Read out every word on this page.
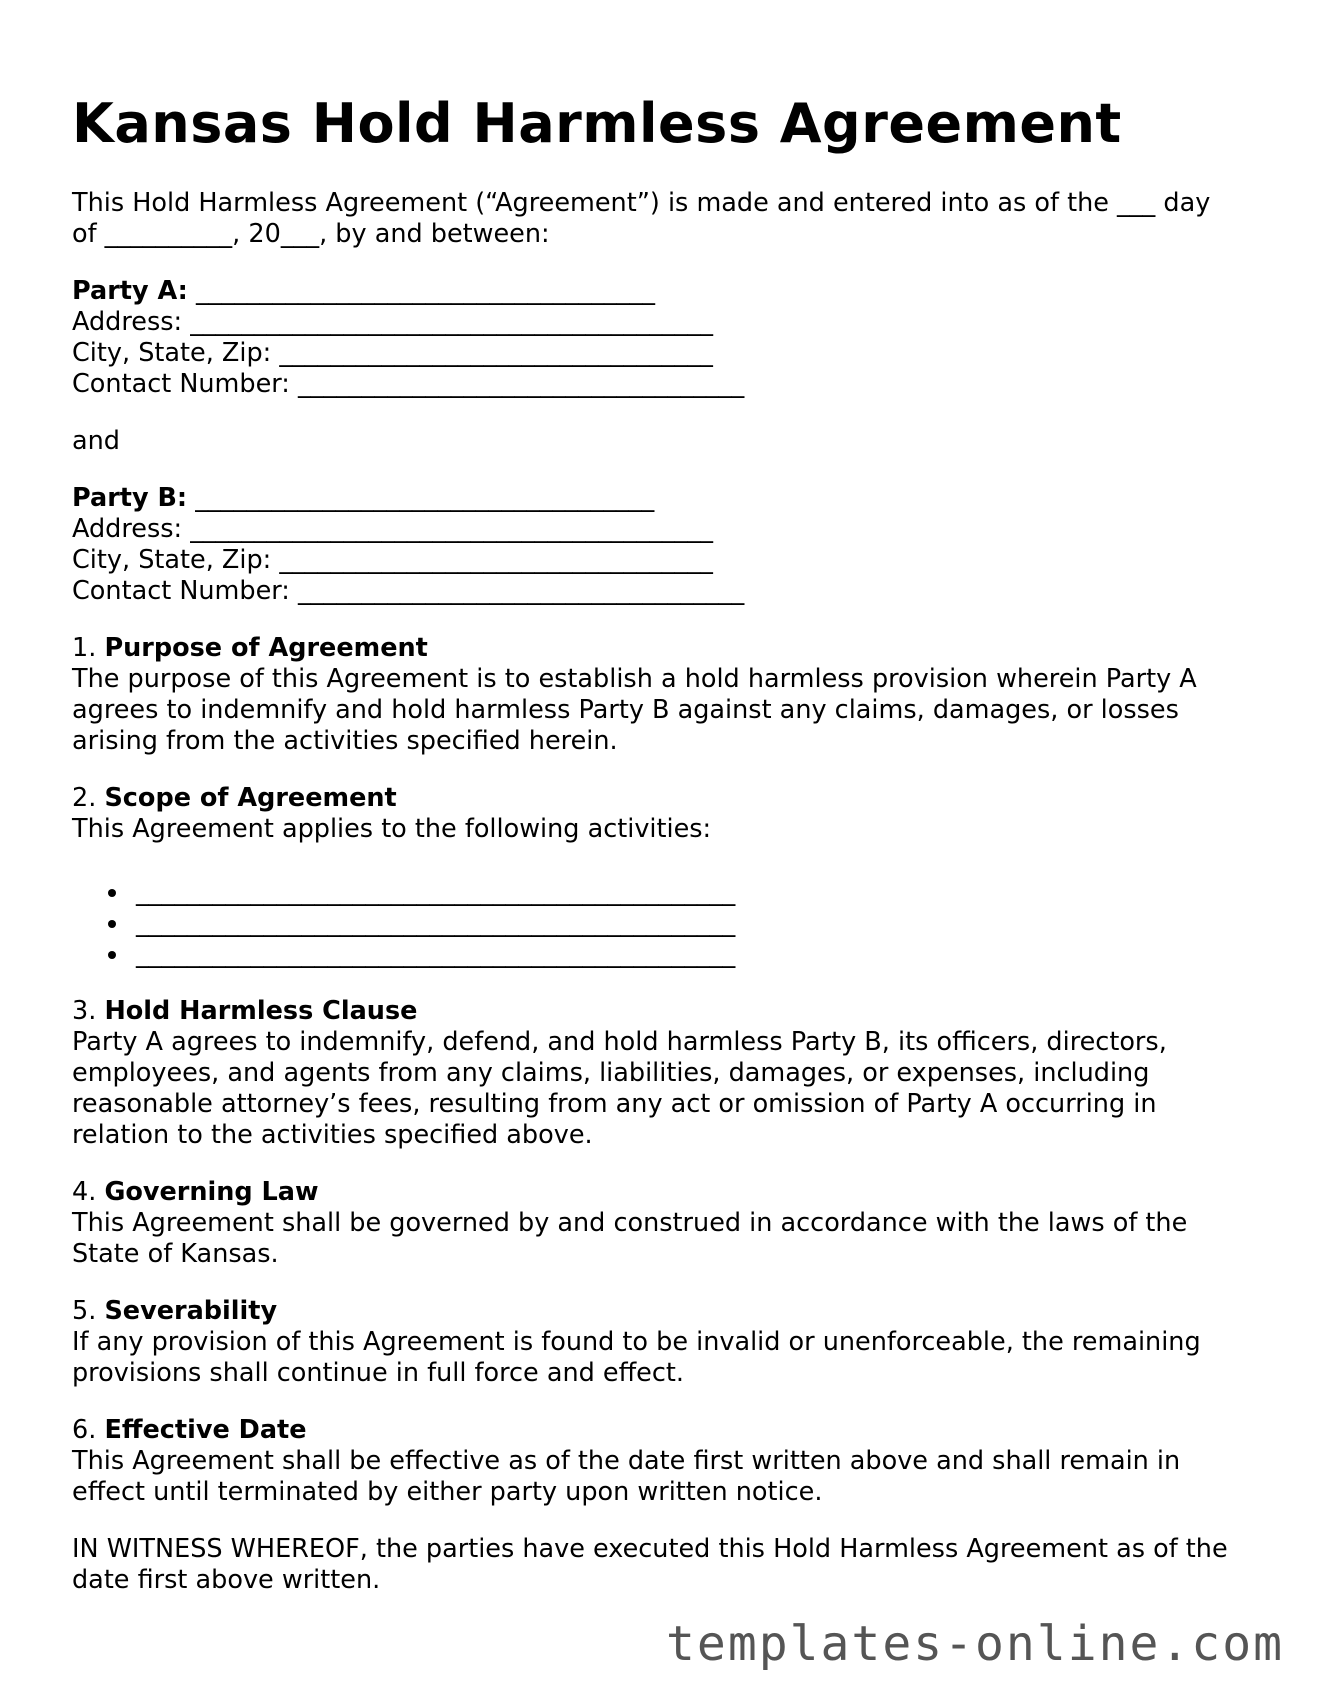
Kansas Hold Harmless Agreement

This Hold Harmless Agreement (“Agreement”) is made and entered into as of the ___ day
of __________, 20___, by and between:

Party A: ____________________________________
Address: _________________________________________
City, State, Zip: __________________________________
Contact Number: ___________________________________

and

Party B: ____________________________________
Address: _________________________________________
City, State, Zip: __________________________________
Contact Number: ___________________________________

1. Purpose of Agreement
The purpose of this Agreement is to establish a hold harmless provision wherein Party A
agrees to indemnify and hold harmless Party B against any claims, damages, or losses
arising from the activities specified herein.

2. Scope of Agreement
This Agreement applies to the following activities:

_______________________________________________
_______________________________________________
_______________________________________________

3. Hold Harmless Clause
Party A agrees to indemnify, defend, and hold harmless Party B, its officers, directors,
employees, and agents from any claims, liabilities, damages, or expenses, including
reasonable attorney’s fees, resulting from any act or omission of Party A occurring in
relation to the activities specified above.

4. Governing Law
This Agreement shall be governed by and construed in accordance with the laws of the
State of Kansas.

5. Severability
If any provision of this Agreement is found to be invalid or unenforceable, the remaining
provisions shall continue in full force and effect.

6. Effective Date
This Agreement shall be effective as of the date first written above and shall remain in
effect until terminated by either party upon written notice.

IN WITNESS WHEREOF, the parties have executed this Hold Harmless Agreement as of the
date first above written.

templates-online.com
